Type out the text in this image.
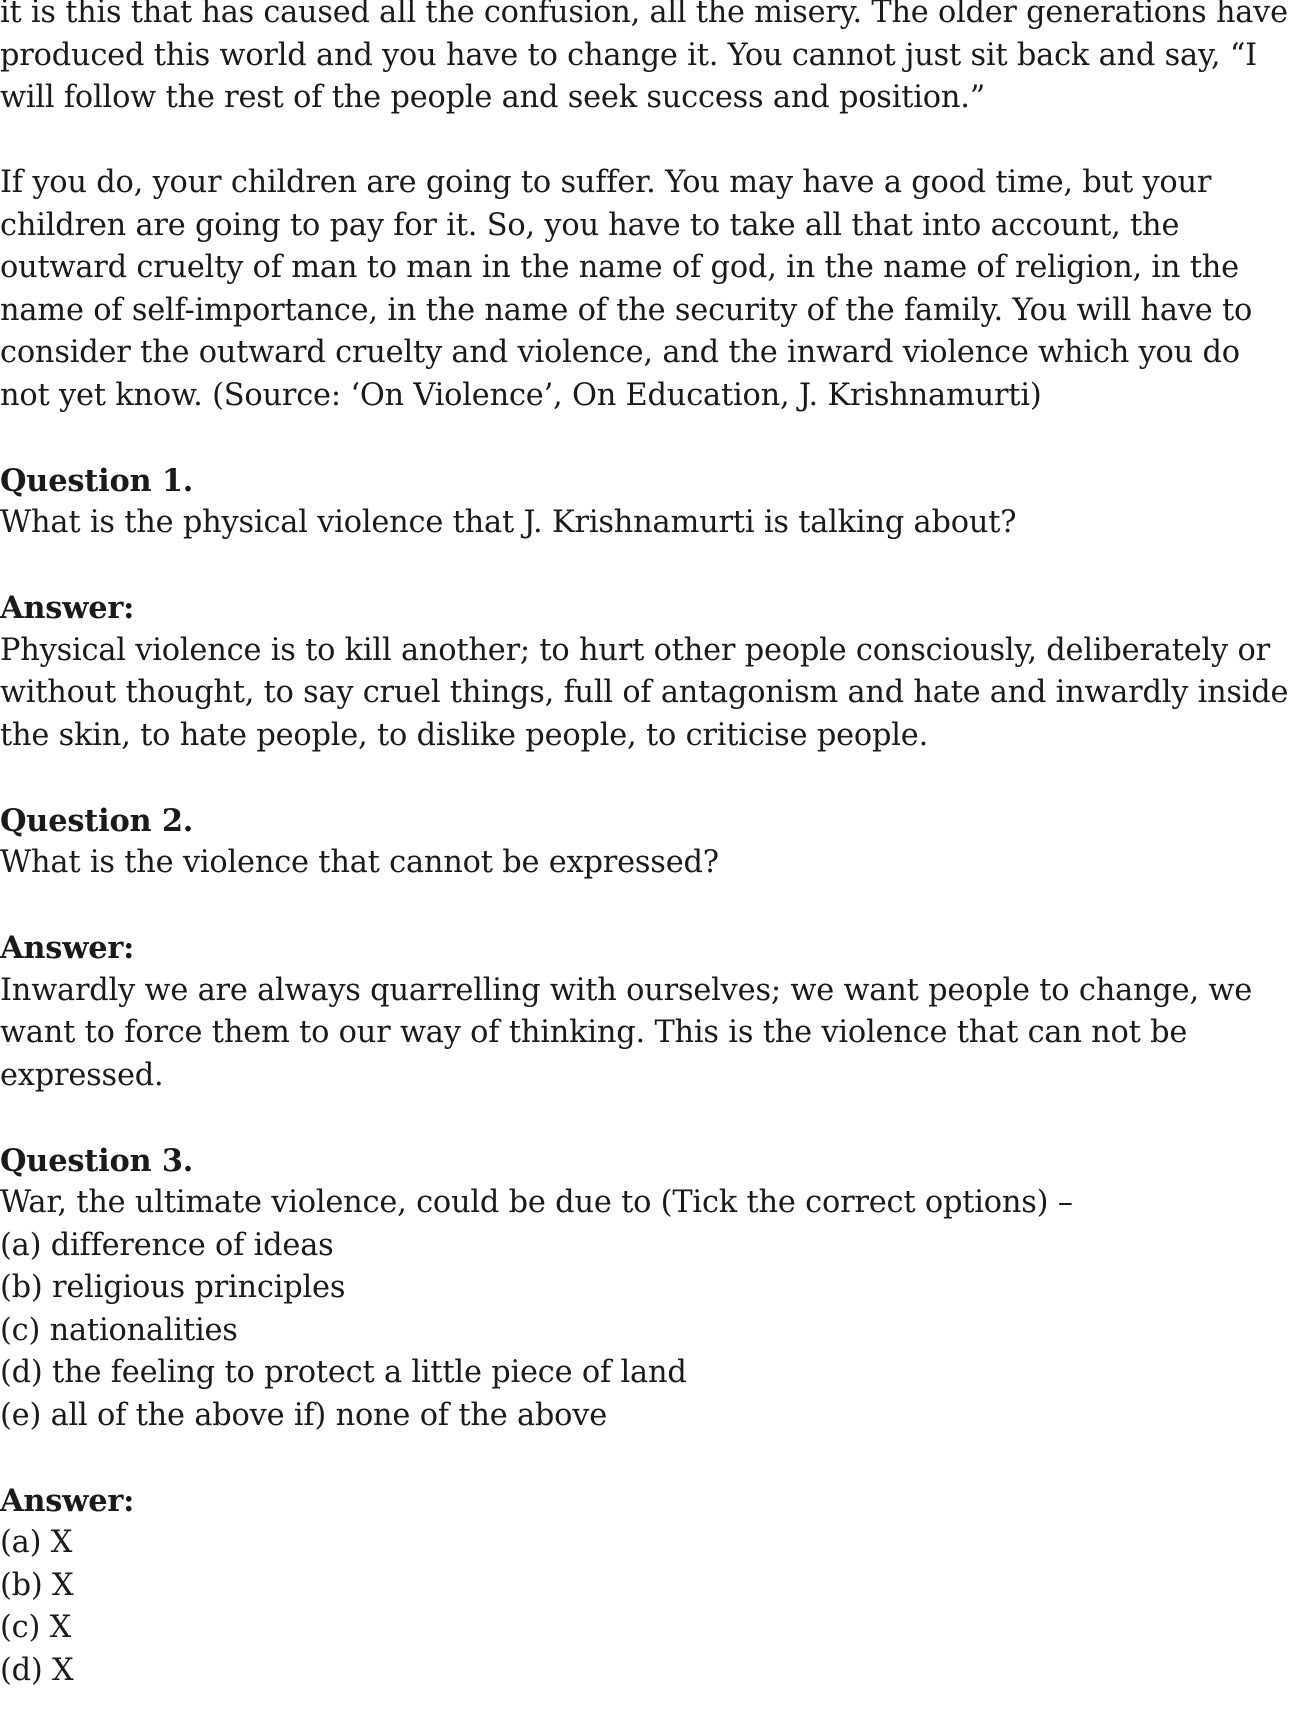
it is this that has caused all the confusion, all the misery. The older generations have

produced this world and you have to change it. You cannot just sit back and say, “I

will follow the rest of the people and seek success and position.”

If you do, your children are going to suffer. You may have a good time, but your

children are going to pay for it. So, you have to take all that into account, the

outward cruelty of man to man in the name of god, in the name of religion, in the

name of self-importance, in the name of the security of the family. You will have to

consider the outward cruelty and violence, and the inward violence which you do

not yet know. (Source: ‘On Violence’, On Education, J. Krishnamurti)

Question 1.

What is the physical violence that J. Krishnamurti is talking about?

Answer:

Physical violence is to kill another; to hurt other people consciously, deliberately or

without thought, to say cruel things, full of antagonism and hate and inwardly inside

the skin, to hate people, to dislike people, to criticise people.

Question 2.

What is the violence that cannot be expressed?

Answer:

Inwardly we are always quarrelling with ourselves; we want people to change, we

want to force them to our way of thinking. This is the violence that can not be

expressed.

Question 3.

War, the ultimate violence, could be due to (Tick the correct options) –

(a) difference of ideas

(b) religious principles

(c) nationalities

(d) the feeling to protect a little piece of land

(e) all of the above if) none of the above

Answer:

(a) X

(b) X

(c) X

(d) X
